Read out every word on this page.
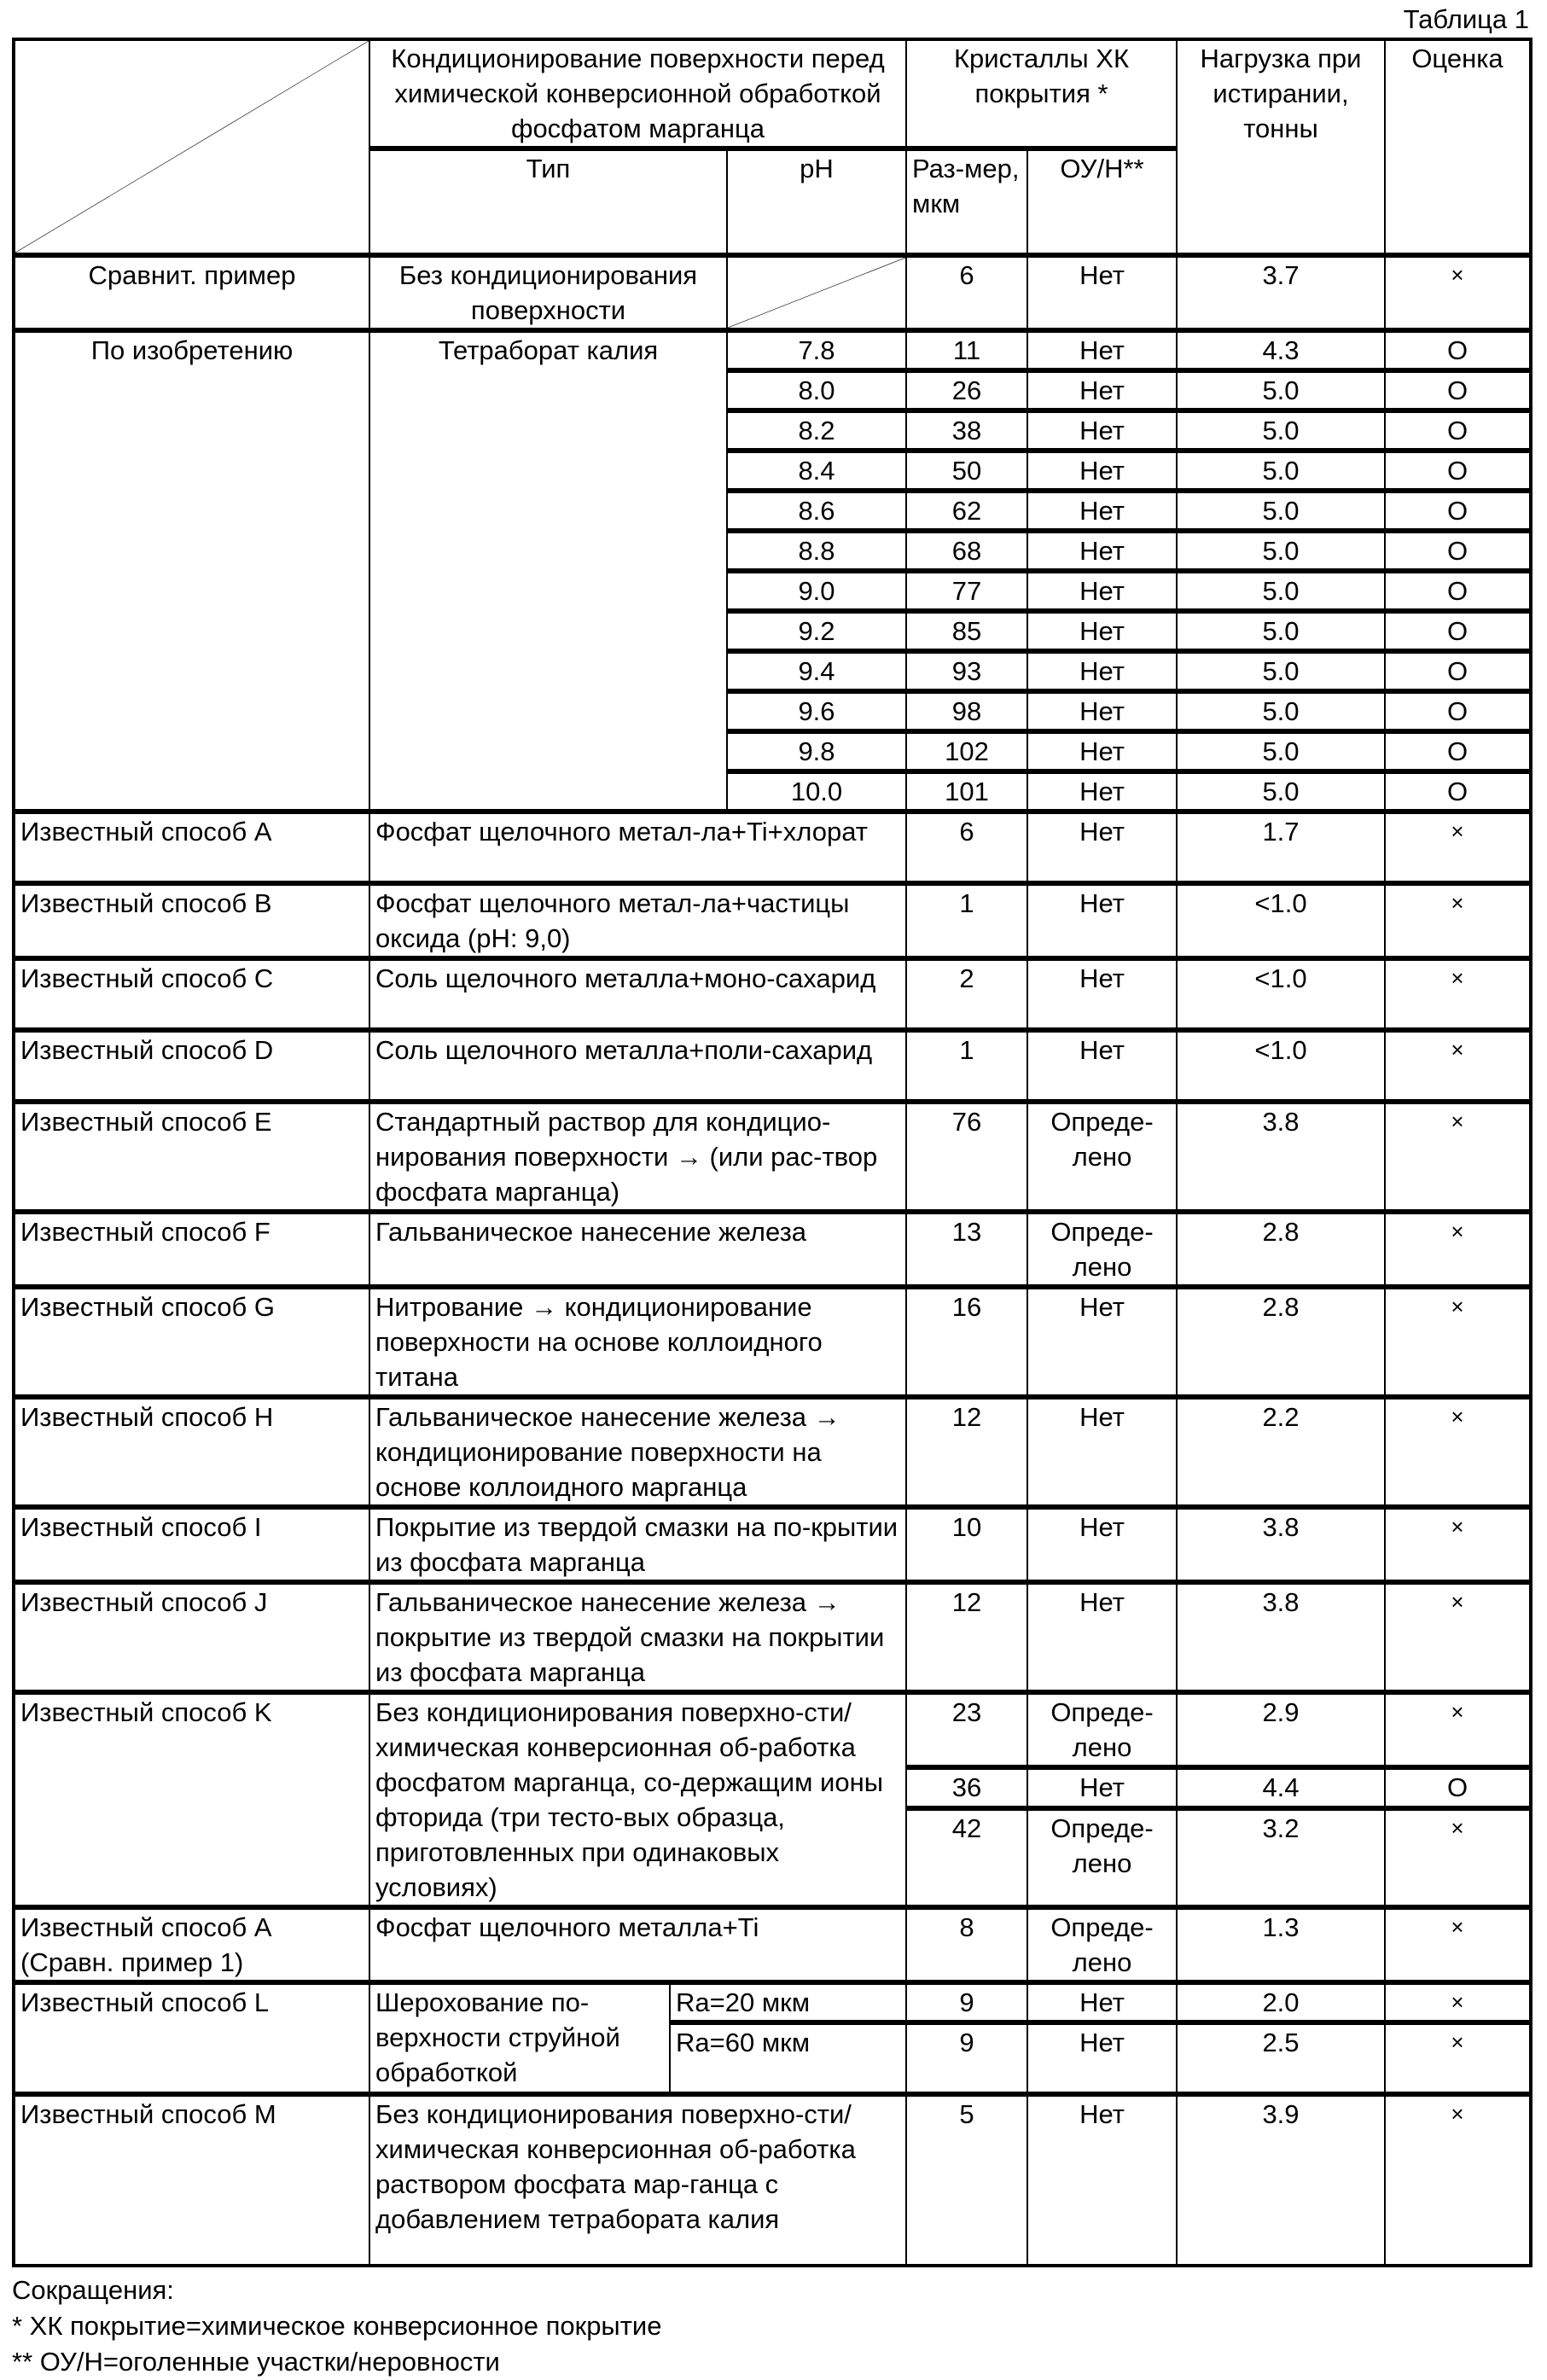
Таблица 1
	Кондиционирование поверхности перед химической конверсионной обработкой фосфатом марганца	Кристаллы ХК покрытия *	Нагрузка при истирании, тонны	Оценка
Тип	pH	Раз-мер, мкм	ОУ/Н**
Сравнит. пример	Без кондиционирования поверхности	
	6	Нет	3.7	×
По изобретению	Тетраборат калия	7.8	11	Нет	4.3	O
8.0	26	Нет	5.0	O
8.2	38	Нет	5.0	O
8.4	50	Нет	5.0	O
8.6	62	Нет	5.0	O
8.8	68	Нет	5.0	O
9.0	77	Нет	5.0	O
9.2	85	Нет	5.0	O
9.4	93	Нет	5.0	O
9.6	98	Нет	5.0	O
9.8	102	Нет	5.0	O
10.0	101	Нет	5.0	O
Известный способ A	Фосфат щелочного метал-ла+Ti+хлорат	6	Нет	1.7	×
Известный способ B	Фосфат щелочного метал-ла+частицы оксида (pH: 9,0)	1	Нет	<1.0	×
Известный способ C	Соль щелочного металла+моно-сахарид	2	Нет	<1.0	×
Известный способ D	Соль щелочного металла+поли-сахарид	1	Нет	<1.0	×
Известный способ E	Стандартный раствор для кондицио-нирования поверхности → (или рас-твор фосфата марганца)	76	Опреде-лено	3.8	×
Известный способ F	Гальваническое нанесение железа	13	Опреде-лено	2.8	×
Известный способ G	Нитрование → кондиционирование поверхности на основе коллоидного титана	16	Нет	2.8	×
Известный способ H	Гальваническое нанесение железа → кондиционирование поверхности на основе коллоидного марганца	12	Нет	2.2	×
Известный способ I	Покрытие из твердой смазки на по-крытии из фосфата марганца	10	Нет	3.8	×
Известный способ J	Гальваническое нанесение железа → покрытие из твердой смазки на покрытии из фосфата марганца	12	Нет	3.8	×
Известный способ K	Без кондиционирования поверхно-сти/химическая конверсионная об-работка фосфатом марганца, со-держащим ионы фторида (три тесто-вых образца, приготовленных при одинаковых условиях)	23	Опреде-лено	2.9	×
36	Нет	4.4	O
42	Опреде-лено	3.2	×
Известный способ A (Сравн. пример 1)	Фосфат щелочного металла+Ti	8	Опреде-лено	1.3	×
Известный способ L	Шерохование по-верхности струйной обработкой	Ra=20 мкм	9	Нет	2.0	×
Ra=60 мкм	9	Нет	2.5	×
Известный способ M	Без кондиционирования поверхно-сти/химическая конверсионная об-работка раствором фосфата мар-ганца с добавлением тетрабората калия	5	Нет	3.9	×
Сокращения:
* ХК покрытие=химическое конверсионное покрытие
** ОУ/Н=оголенные участки/неровности
